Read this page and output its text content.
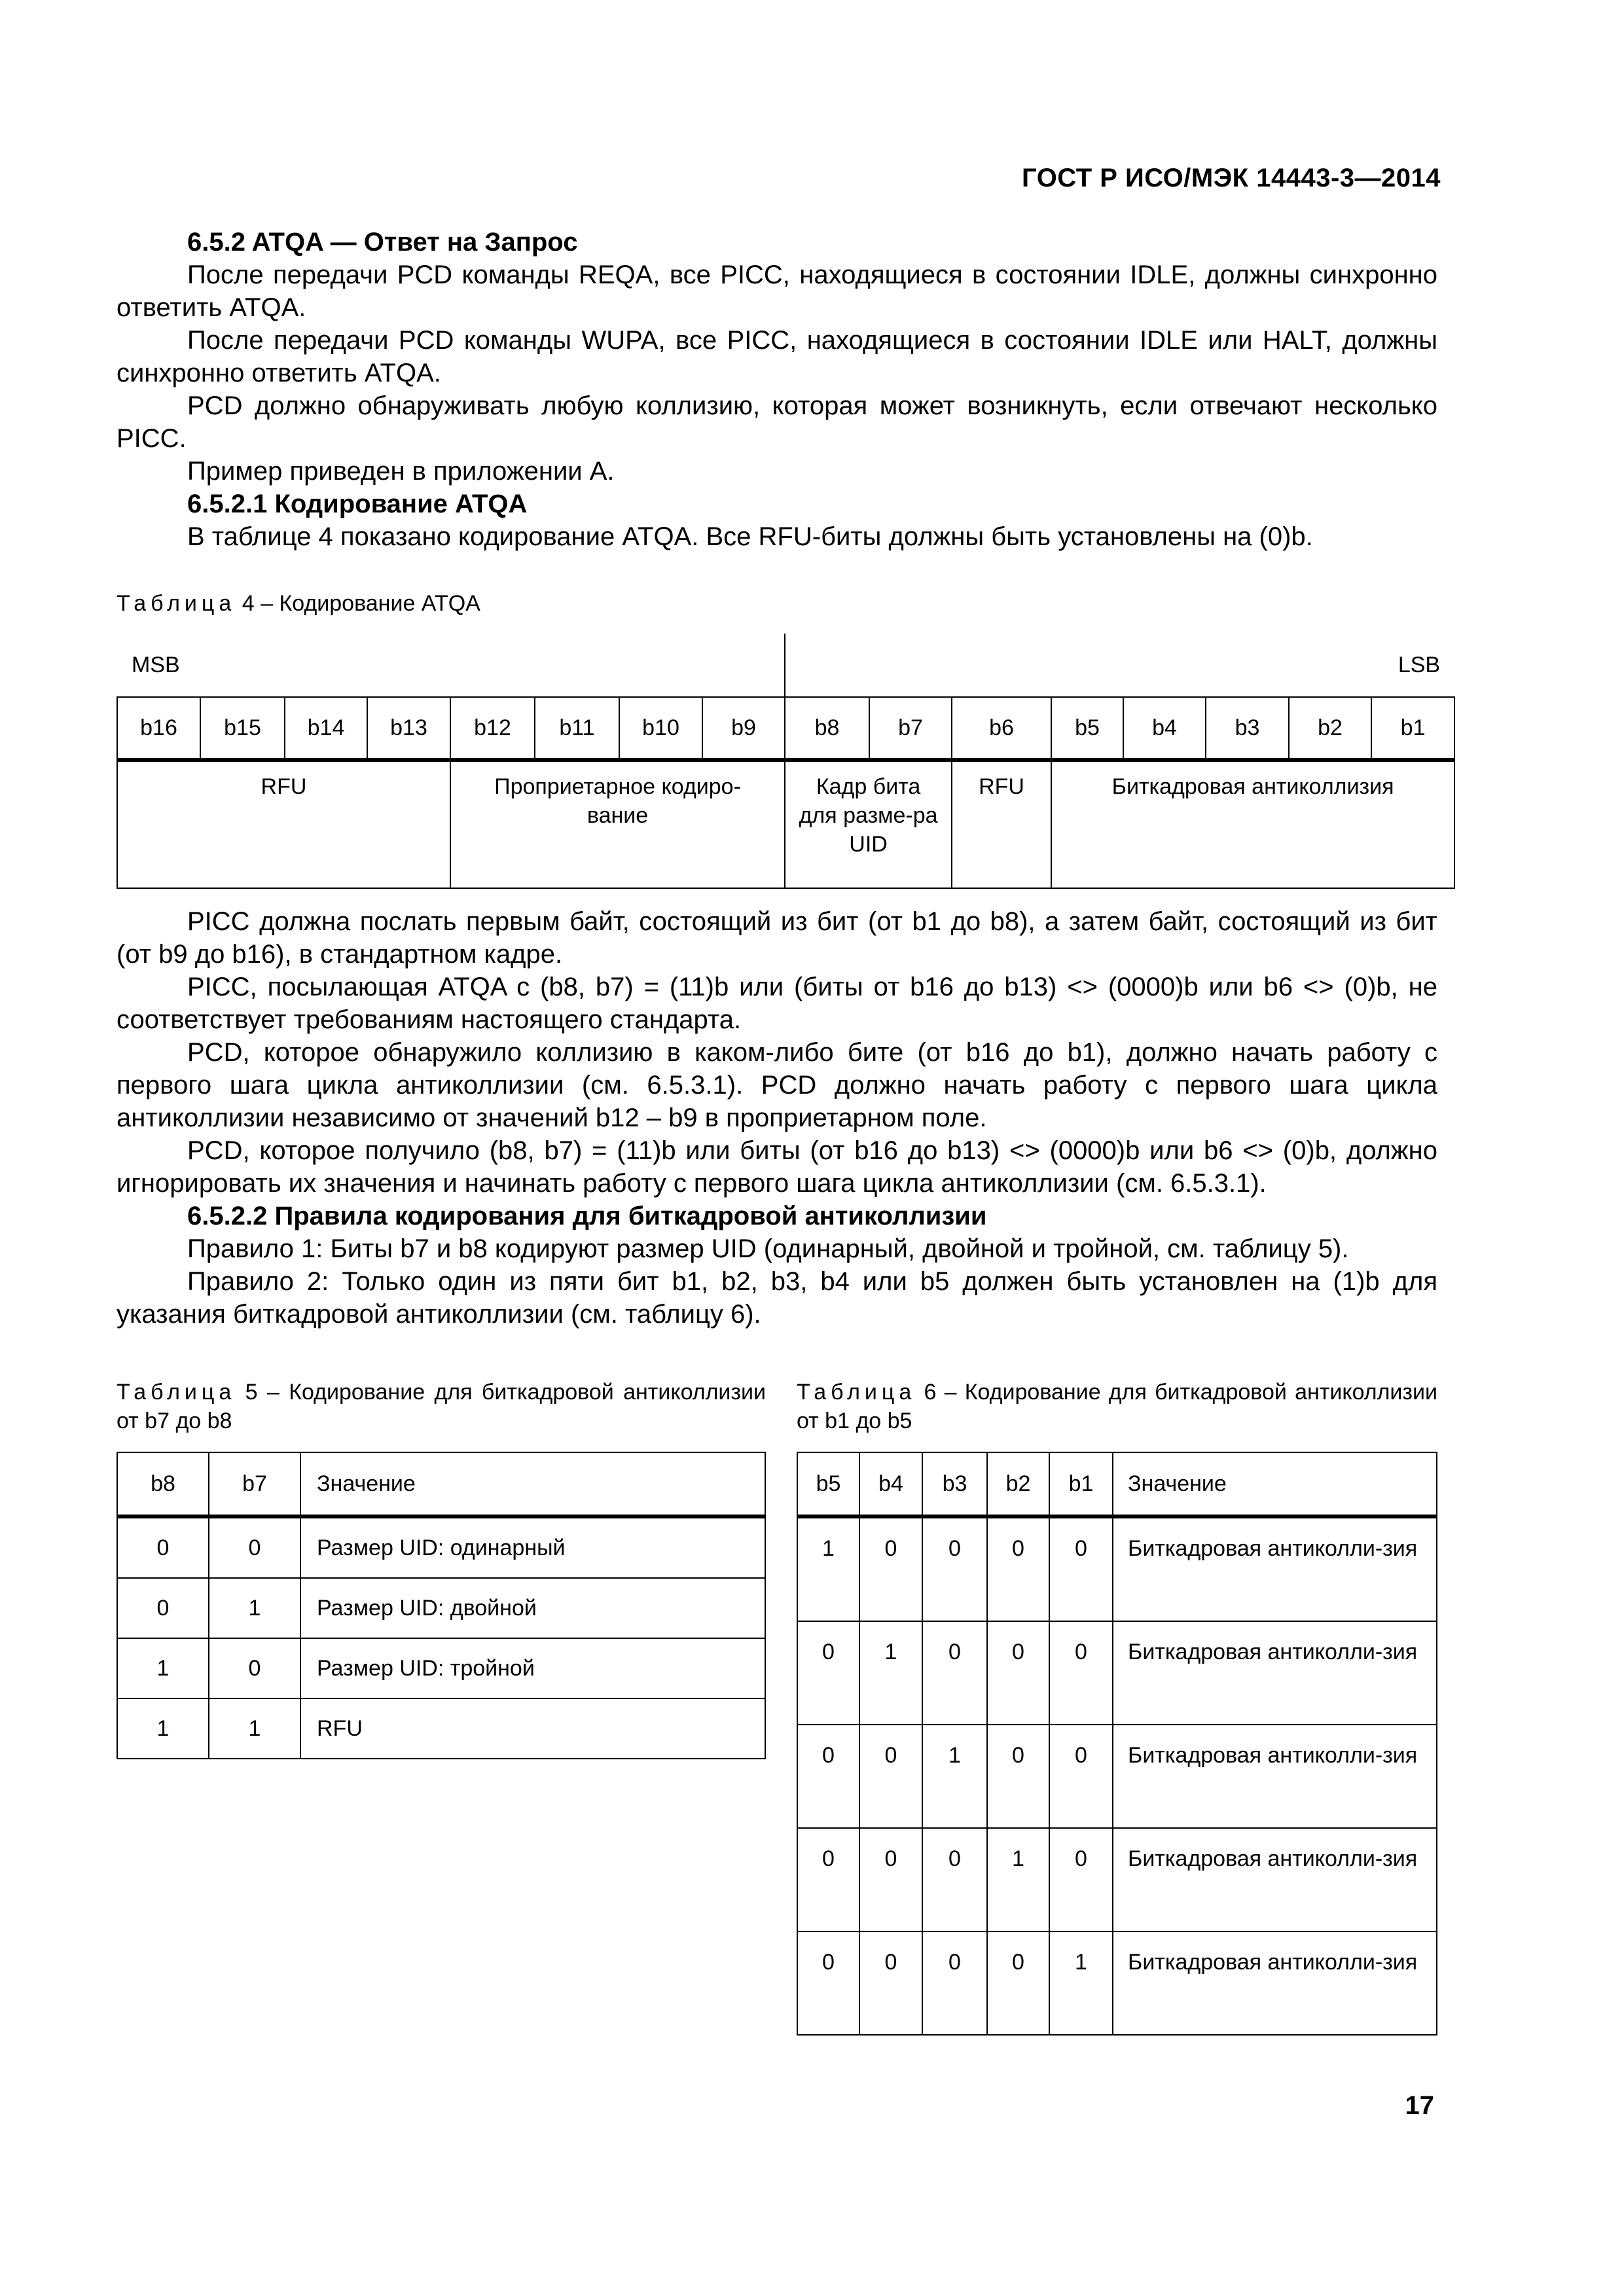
ГОСТ Р ИСО/МЭК 14443-3—2014
6.5.2 ATQA — Ответ на Запрос

После передачи PCD команды REQA, все PICC, находящиеся в состоянии IDLE, должны синхронно ответить ATQA.

После передачи PCD команды WUPA, все PICC, находящиеся в состоянии IDLE или HALT, должны синхронно ответить ATQA.

PCD должно обнаруживать любую коллизию, которая может возникнуть, если отвечают несколько PICC.

Пример приведен в приложении A.

6.5.2.1 Кодирование ATQA

В таблице 4 показано кодирование ATQA. Все RFU-биты должны быть установлены на (0)b.

Таблица 4 – Кодирование ATQA
MSB								LSB							
b16	b15	b14	b13	b12	b11	b10	b9	b8	b7	b6	b5	b4	b3	b2	b1
RFU				Проприетарное кодиро-вание				Кадр бита для разме-ра UID		RFU	Биткадровая антиколлизия				

PICC должна послать первым байт, состоящий из бит (от b1 до b8), а затем байт, состоящий из бит (от b9 до b16), в стандартном кадре.

PICC, посылающая ATQA с (b8, b7) = (11)b или (биты от b16 до b13) <> (0000)b или b6 <> (0)b, не соответствует требованиям настоящего стандарта.

PCD, которое обнаружило коллизию в каком-либо бите (от b16 до b1), должно начать работу с первого шага цикла антиколлизии (см. 6.5.3.1). PCD должно начать работу с первого шага цикла антиколлизии независимо от значений b12 – b9 в проприетарном поле.

PCD, которое получило (b8, b7) = (11)b или биты (от b16 до b13) <> (0000)b или b6 <> (0)b, должно игнорировать их значения и начинать работу с первого шага цикла антиколлизии (см. 6.5.3.1).

6.5.2.2 Правила кодирования для биткадровой антиколлизии

Правило 1: Биты b7 и b8 кодируют размер UID (одинарный, двойной и тройной, см. таблицу 5).

Правило 2: Только один из пяти бит b1, b2, b3, b4 или b5 должен быть установлен на (1)b для указания биткадровой антиколлизии (см. таблицу 6).

Таблица 5 – Кодирование для биткадровой антиколлизии от b7 до b8
b8	b7	Значение
0	0	Размер UID: одинарный
0	1	Размер UID: двойной
1	0	Размер UID: тройной
1	1	RFU
Таблица 6 – Кодирование для биткадровой антиколлизии от b1 до b5
b5	b4	b3	b2	b1	Значение
1	0	0	0	0	Биткадровая антиколли-зия
0	1	0	0	0	Биткадровая антиколли-зия
0	0	1	0	0	Биткадровая антиколли-зия
0	0	0	1	0	Биткадровая антиколли-зия
0	0	0	0	1	Биткадровая антиколли-зия
17
